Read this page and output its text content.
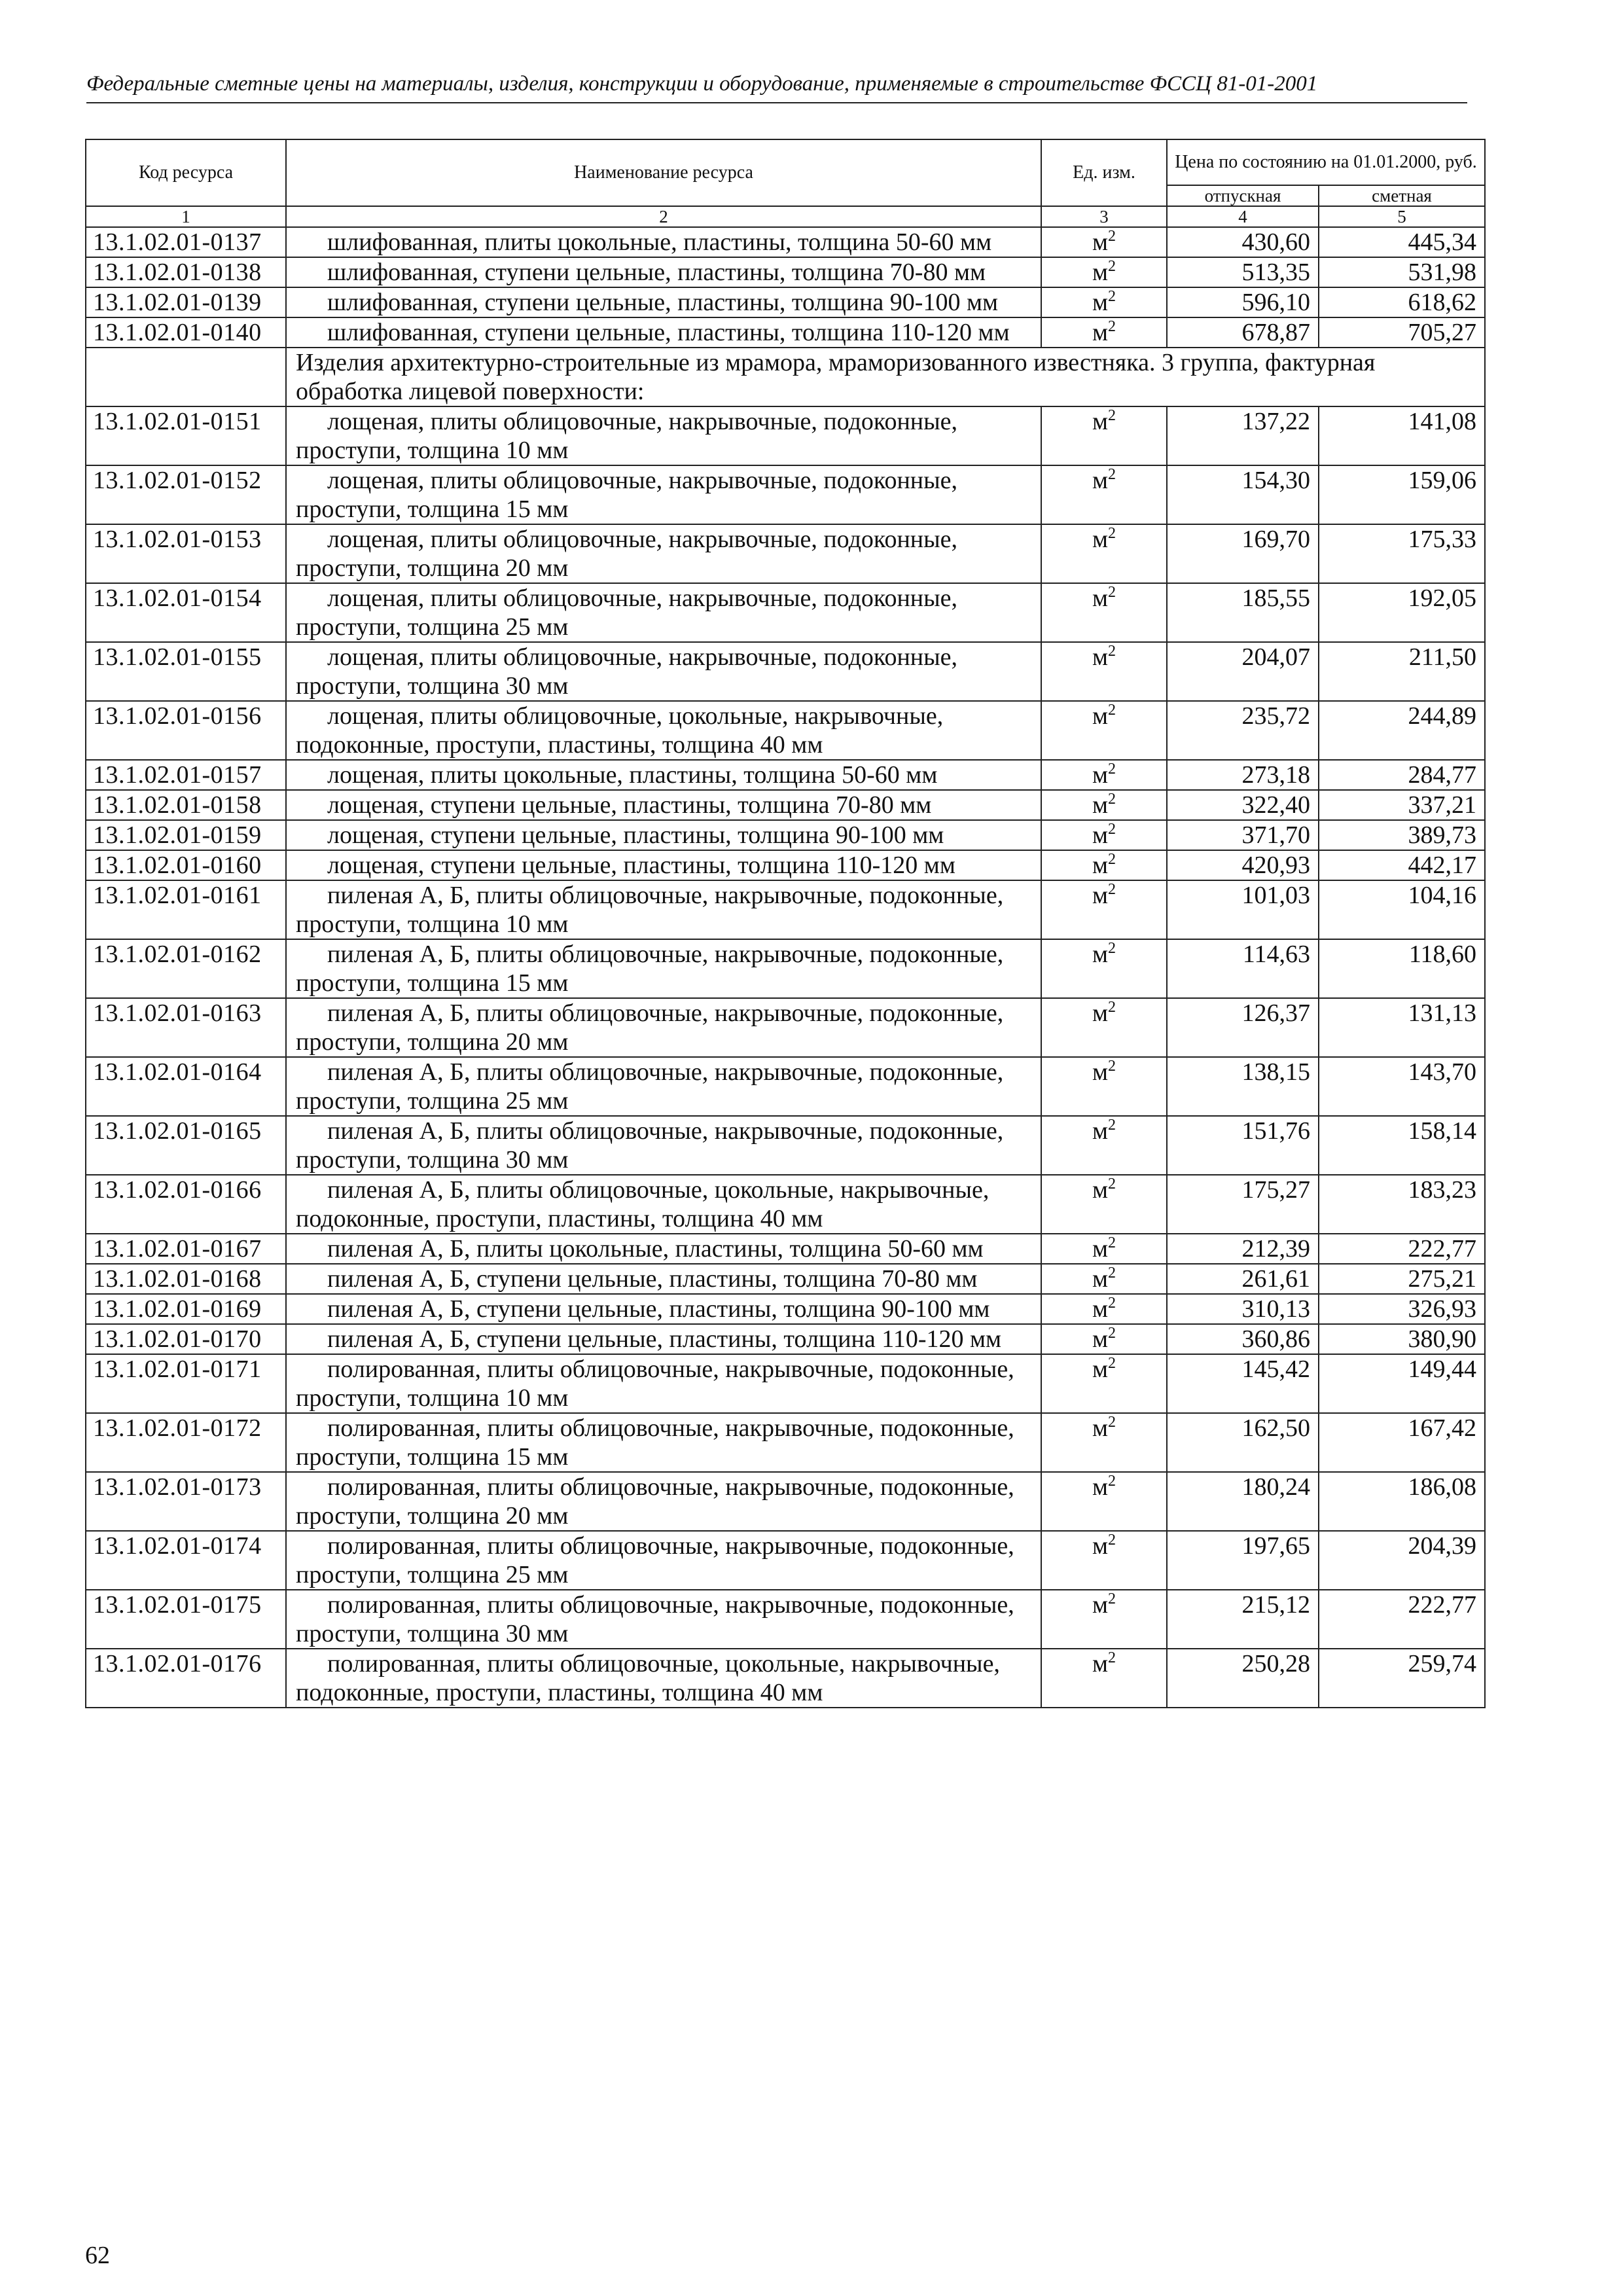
Федеральные сметные цены на материалы, изделия, конструкции и оборудование, применяемые в строительстве ФССЦ 81-01-2001
Код ресурса	Наименование ресурса	Ед. изм.	Цена по состоянию на 01.01.2000, руб.	
			отпускная	сметная
1	2	3	4	5
13.1.02.01-0137	шлифованная, плиты цокольные, пластины, толщина 50-60 мм	$м^2$	430,60	445,34
13.1.02.01-0138	шлифованная, ступени цельные, пластины, толщина 70-80 мм	$м^2$	513,35	531,98
13.1.02.01-0139	шлифованная, ступени цельные, пластины, толщина 90-100 мм	$м^2$	596,10	618,62
13.1.02.01-0140	шлифованная, ступени цельные, пластины, толщина 110-120 мм	$м^2$	678,87	705,27
	Изделия архитектурно-строительные из мрамора, мраморизованного известняка. 3 группа, фактурная обработка лицевой поверхности:			
13.1.02.01-0151	лощеная, плиты облицовочные, накрывочные, подоконные, проступи, толщина 10 мм	$м^2$	137,22	141,08
13.1.02.01-0152	лощеная, плиты облицовочные, накрывочные, подоконные, проступи, толщина 15 мм	$м^2$	154,30	159,06
13.1.02.01-0153	лощеная, плиты облицовочные, накрывочные, подоконные, проступи, толщина 20 мм	$м^2$	169,70	175,33
13.1.02.01-0154	лощеная, плиты облицовочные, накрывочные, подоконные, проступи, толщина 25 мм	$м^2$	185,55	192,05
13.1.02.01-0155	лощеная, плиты облицовочные, накрывочные, подоконные, проступи, толщина 30 мм	$м^2$	204,07	211,50
13.1.02.01-0156	лощеная, плиты облицовочные, цокольные, накрывочные, подоконные, проступи, пластины, толщина 40 мм	$м^2$	235,72	244,89
13.1.02.01-0157	лощеная, плиты цокольные, пластины, толщина 50-60 мм	$м^2$	273,18	284,77
13.1.02.01-0158	лощеная, ступени цельные, пластины, толщина 70-80 мм	$м^2$	322,40	337,21
13.1.02.01-0159	лощеная, ступени цельные, пластины, толщина 90-100 мм	$м^2$	371,70	389,73
13.1.02.01-0160	лощеная, ступени цельные, пластины, толщина 110-120 мм	$м^2$	420,93	442,17
13.1.02.01-0161	пиленая А, Б, плиты облицовочные, накрывочные, подоконные, проступи, толщина 10 мм	$м^2$	101,03	104,16
13.1.02.01-0162	пиленая А, Б, плиты облицовочные, накрывочные, подоконные, проступи, толщина 15 мм	$м^2$	114,63	118,60
13.1.02.01-0163	пиленая А, Б, плиты облицовочные, накрывочные, подоконные, проступи, толщина 20 мм	$м^2$	126,37	131,13
13.1.02.01-0164	пиленая А, Б, плиты облицовочные, накрывочные, подоконные, проступи, толщина 25 мм	$м^2$	138,15	143,70
13.1.02.01-0165	пиленая А, Б, плиты облицовочные, накрывочные, подоконные, проступи, толщина 30 мм	$м^2$	151,76	158,14
13.1.02.01-0166	пиленая А, Б, плиты облицовочные, цокольные, накрывочные, подоконные, проступи, пластины, толщина 40 мм	$м^2$	175,27	183,23
13.1.02.01-0167	пиленая А, Б, плиты цокольные, пластины, толщина 50-60 мм	$м^2$	212,39	222,77
13.1.02.01-0168	пиленая А, Б, ступени цельные, пластины, толщина 70-80 мм	$м^2$	261,61	275,21
13.1.02.01-0169	пиленая А, Б, ступени цельные, пластины, толщина 90-100 мм	$м^2$	310,13	326,93
13.1.02.01-0170	пиленая А, Б, ступени цельные, пластины, толщина 110-120 мм	$м^2$	360,86	380,90
13.1.02.01-0171	полированная, плиты облицовочные, накрывочные, подоконные, проступи, толщина 10 мм	$м^2$	145,42	149,44
13.1.02.01-0172	полированная, плиты облицовочные, накрывочные, подоконные, проступи, толщина 15 мм	$м^2$	162,50	167,42
13.1.02.01-0173	полированная, плиты облицовочные, накрывочные, подоконные, проступи, толщина 20 мм	$м^2$	180,24	186,08
13.1.02.01-0174	полированная, плиты облицовочные, накрывочные, подоконные, проступи, толщина 25 мм	$м^2$	197,65	204,39
13.1.02.01-0175	полированная, плиты облицовочные, накрывочные, подоконные, проступи, толщина 30 мм	$м^2$	215,12	222,77
13.1.02.01-0176	полированная, плиты облицовочные, цокольные, накрывочные, подоконные, проступи, пластины, толщина 40 мм	$м^2$	250,28	259,74
62
